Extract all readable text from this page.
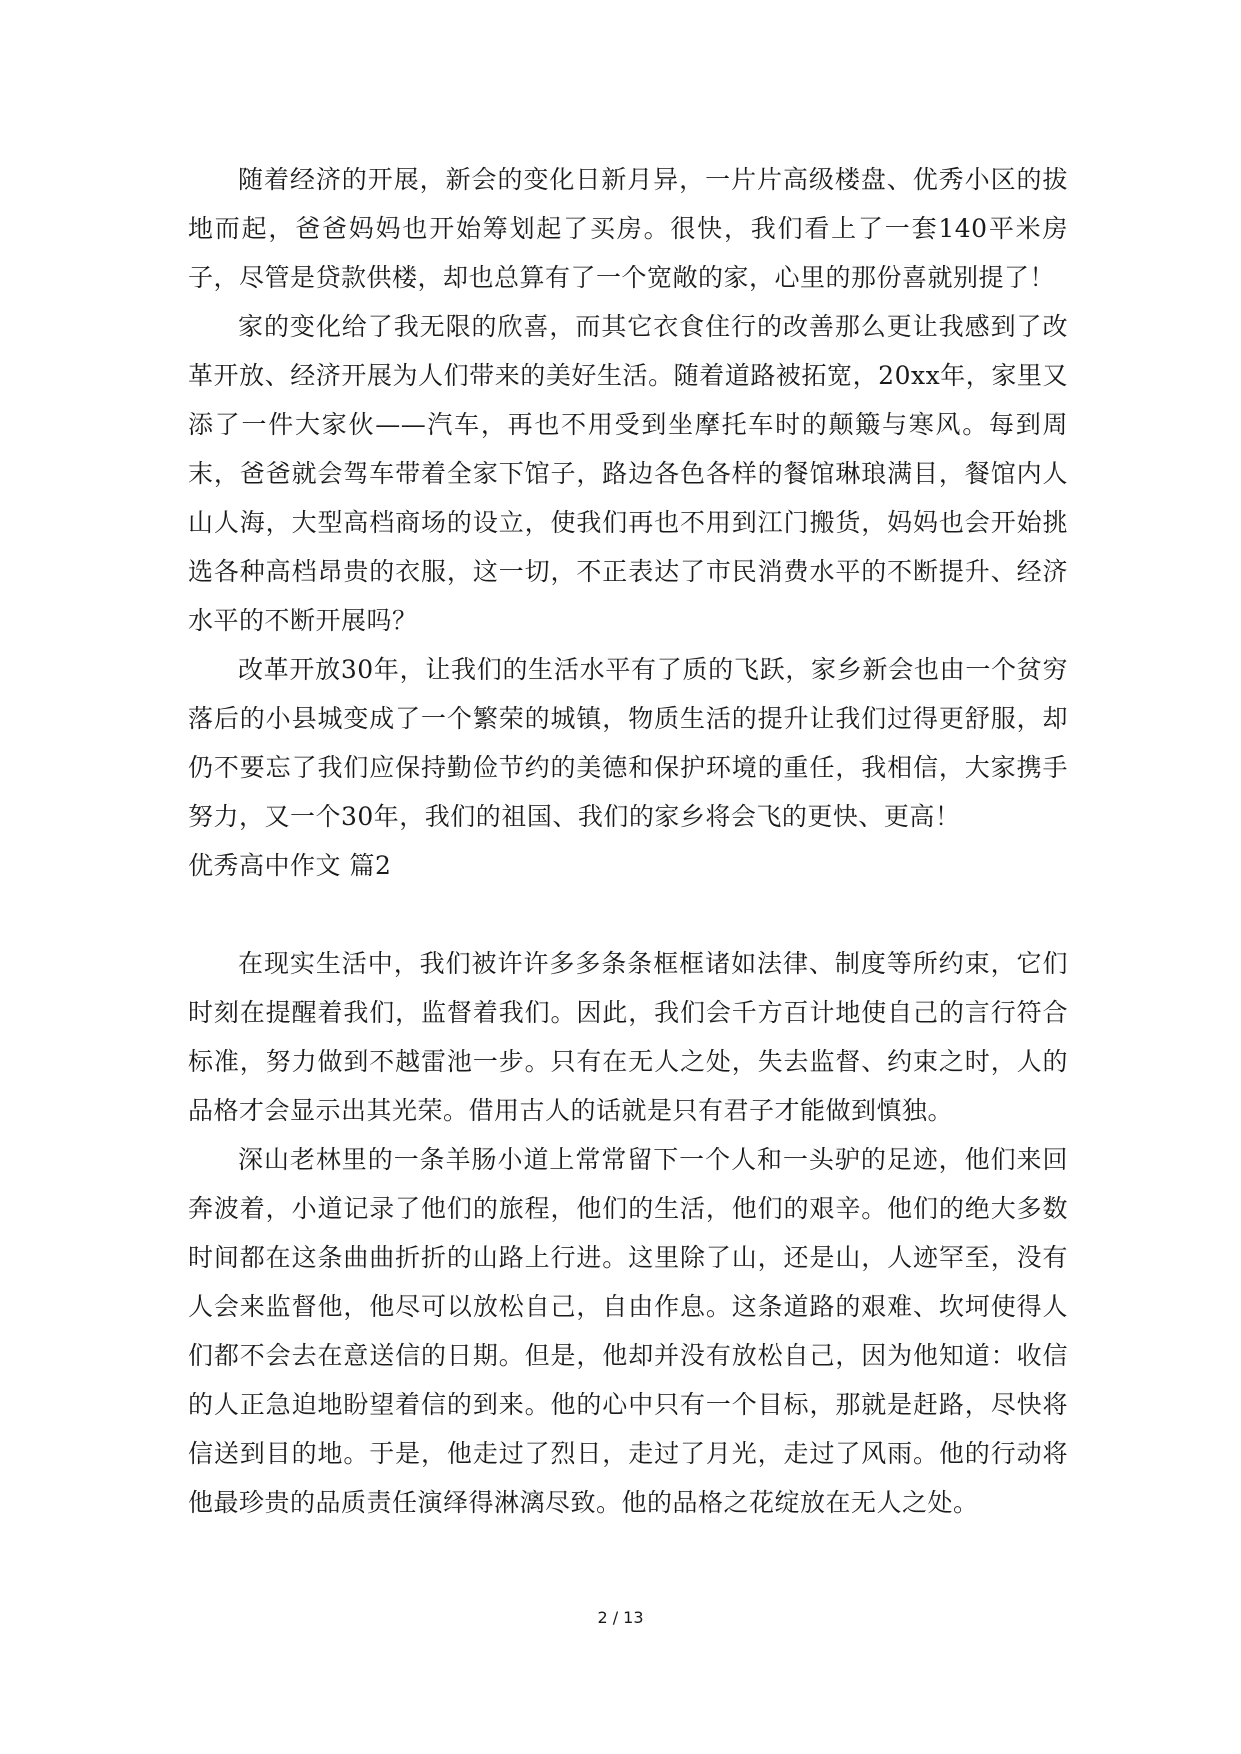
随着经济的开展，新会的变化日新月异，一片片高级楼盘、优秀小区的拔地而起，爸爸妈妈也开始筹划起了买房。很快，我们看上了一套140平米房子，尽管是贷款供楼，却也总算有了一个宽敞的家，心里的那份喜就别提了！

家的变化给了我无限的欣喜，而其它衣食住行的改善那么更让我感到了改革开放、经济开展为人们带来的美好生活。随着道路被拓宽，20xx年，家里又添了一件大家伙——汽车，再也不用受到坐摩托车时的颠簸与寒风。每到周末，爸爸就会驾车带着全家下馆子，路边各色各样的餐馆琳琅满目，餐馆内人山人海，大型高档商场的设立，使我们再也不用到江门搬货，妈妈也会开始挑选各种高档昂贵的衣服，这一切，不正表达了市民消费水平的不断提升、经济水平的不断开展吗？

改革开放30年，让我们的生活水平有了质的飞跃，家乡新会也由一个贫穷落后的小县城变成了一个繁荣的城镇，物质生活的提升让我们过得更舒服，却仍不要忘了我们应保持勤俭节约的美德和保护环境的重任，我相信，大家携手努力，又一个30年，我们的祖国、我们的家乡将会飞的更快、更高！

优秀高中作文 篇2

在现实生活中，我们被许许多多条条框框诸如法律、制度等所约束，它们时刻在提醒着我们，监督着我们。因此，我们会千方百计地使自己的言行符合标准，努力做到不越雷池一步。只有在无人之处，失去监督、约束之时，人的品格才会显示出其光荣。借用古人的话就是只有君子才能做到慎独。

深山老林里的一条羊肠小道上常常留下一个人和一头驴的足迹，他们来回奔波着，小道记录了他们的旅程，他们的生活，他们的艰辛。他们的绝大多数时间都在这条曲曲折折的山路上行进。这里除了山，还是山，人迹罕至，没有人会来监督他，他尽可以放松自己，自由作息。这条道路的艰难、坎坷使得人们都不会去在意送信的日期。但是，他却并没有放松自己，因为他知道：收信的人正急迫地盼望着信的到来。他的心中只有一个目标，那就是赶路，尽快将信送到目的地。于是，他走过了烈日，走过了月光，走过了风雨。他的行动将他最珍贵的品质责任演绎得淋漓尽致。他的品格之花绽放在无人之处。

2 / 13
